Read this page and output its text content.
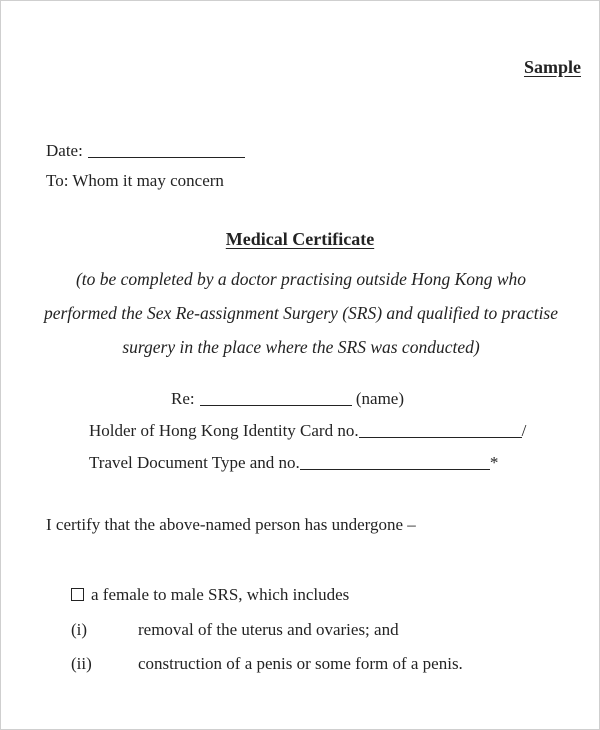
Sample
Date:
To: Whom it may concern
Medical Certificate
(to be completed by a doctor practising outside Hong Kong who performed the Sex Re-assignment Surgery (SRS) and qualified to practise surgery in the place where the SRS was conducted)
Re:	(name)
Holder of Hong Kong Identity Card no.	/
Travel Document Type and no.	*
I certify that the above-named person has undergone –
a female to male SRS, which includes
(i)	removal of the uterus and ovaries; and
(ii)	construction of a penis or some form of a penis.
